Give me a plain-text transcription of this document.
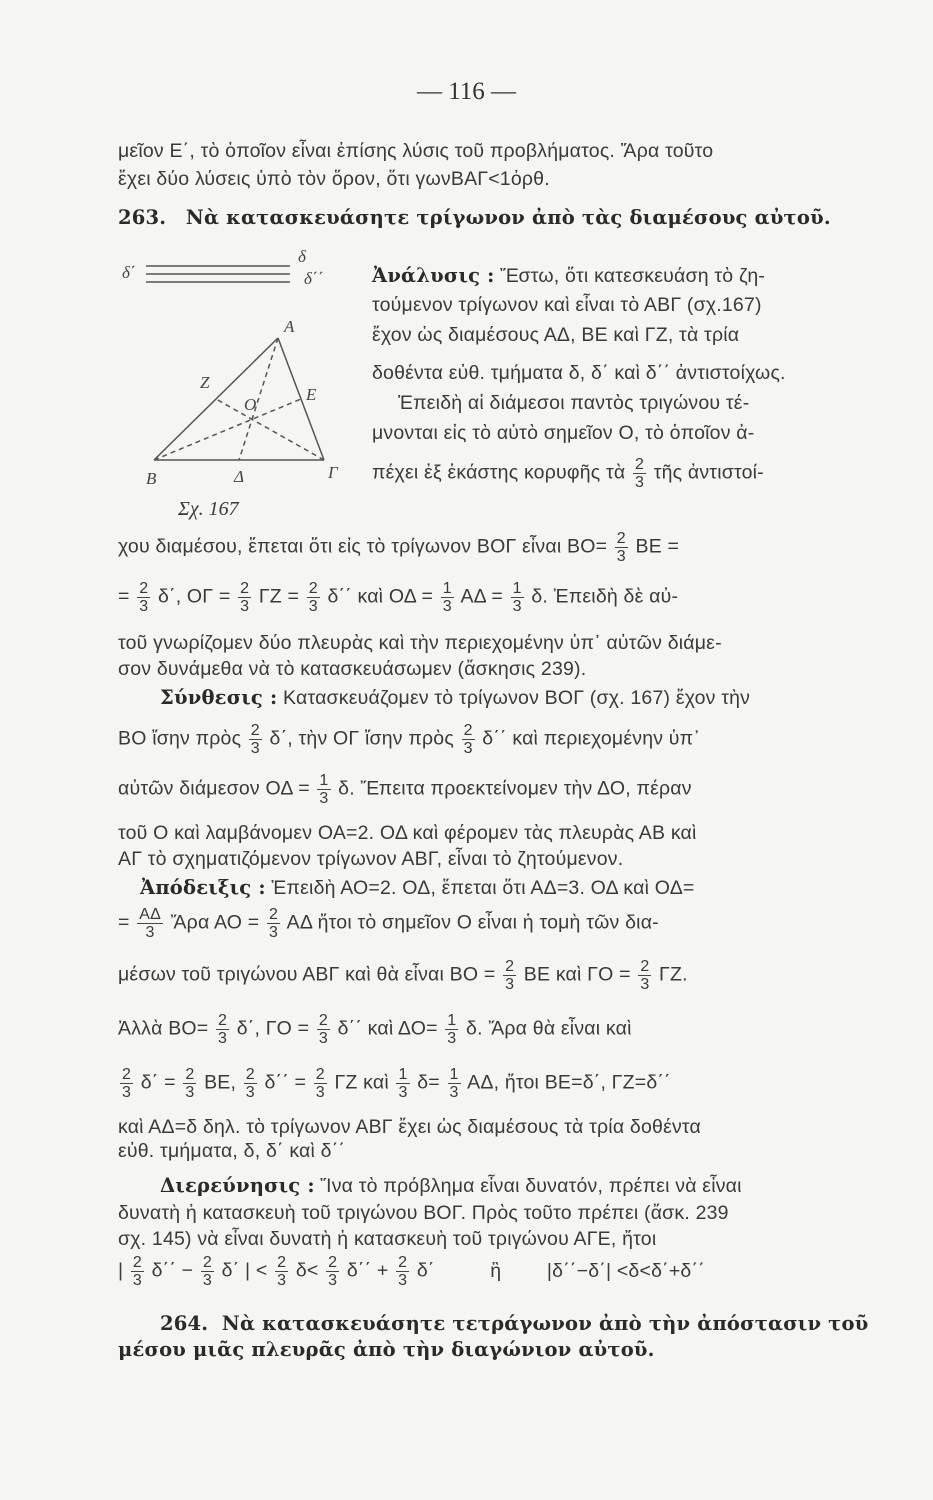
— 116 —
μεῖον Ε΄, τὸ ὁποῖον εἶναι ἐπίσης λύσις τοῦ προβλήματος. Ἄρα τοῦτο
ἔχει δύο λύσεις ὑπὸ τὸν ὅρον, ὅτι γωνΒΑΓ<1ὀρθ.
263. Νὰ κατασκευάσητε τρίγωνον ἀπὸ τὰς διαμέσους αὐτοῦ.
δ΄
δ
δ΄΄
Α
Β	Γ
Δ
Ε
Ζ
Ο
Σχ. 167
Ἀνάλυσις : Ἔστω, ὅτι κατεσκευάση τὸ ζη-
τούμενον τρίγωνον καὶ εἶναι τὸ ΑΒΓ (σχ.167)
ἔχον ὡς διαμέσους ΑΔ, ΒΕ καὶ ΓΖ, τὰ τρία
δοθέντα εὐθ. τμήματα δ, δ΄ καὶ δ΄΄ ἀντιστοίχως.
Ἐπειδὴ αἱ διάμεσοι παντὸς τριγώνου τέ-
μνονται εἰς τὸ αὐτὸ σημεῖον Ο, τὸ ὁποῖον ἀ-
πέχει ἐξ ἑκάστης κορυφῆς τὰ $\frac{2}{3}$ τῆς ἀντιστοί-
χου διαμέσου, ἕπεται ὅτι εἰς τὸ τρίγωνον ΒΟΓ εἶναι $BO= \frac{2}{3}$ ΒΕ =
= $\frac{2}{3} \delta΄$, $O\Gamma = \frac{2}{3}$ $\Gamma Z = \frac{2}{3} \delta΄΄$ καὶ $O\Delta = \frac{1}{3}$ $A\Delta = \frac{1}{3} \delta$. Ἐπειδὴ δὲ αὐ-
τοῦ γνωρίζομεν δύο πλευρὰς καὶ τὴν περιεχομένην ὑπ᾽ αὐτῶν διάμε-
σον δυνάμεθα νὰ τὸ κατασκευάσωμεν (ἄσκησις 239).
Σύνθεσις : Κατασκευάζομεν τὸ τρίγωνον ΒΟΓ (σχ. 167) ἔχον τὴν
ΒΟ ἴσην πρὸς $\frac{2}{3} \delta΄$, τὴν ΟΓ ἴσην πρὸς $\frac{2}{3} \delta΄΄$ καὶ περιεχομένην ὑπ᾽
αὐτῶν διάμεσον $O\Delta = \frac{1}{3} \delta$. Ἔπειτα προεκτείνομεν τὴν ΔΟ, πέραν
τοῦ Ο καὶ λαμβάνομεν ΟΑ=2. ΟΔ καὶ φέρομεν τὰς πλευρὰς ΑΒ καὶ
ΑΓ τὸ σχηματιζόμενον τρίγωνον ΑΒΓ, εἶναι τὸ ζητούμενον.
Ἀπόδειξις : Ἐπειδὴ ΑΟ=2. ΟΔ, ἕπεται ὅτι ΑΔ=3. ΟΔ καὶ ΟΔ=
= $\frac{A\Delta}{3}$ Ἄρα $AO = \frac{2}{3}$ ΑΔ ἤτοι τὸ σημεῖον Ο εἶναι ἡ τομὴ τῶν δια-
μέσων τοῦ τριγώνου ΑΒΓ καὶ θὰ εἶναι $BO = \frac{2}{3}$ ΒΕ καὶ $\Gamma O = \frac{2}{3} \Gamma Z$.
Ἀλλὰ $BO= \frac{2}{3} \delta΄$, $\Gamma O = \frac{2}{3} \delta΄΄$ καὶ $\Delta O= \frac{1}{3} \delta$. Ἄρα θὰ εἶναι καὶ
$\frac{2}{3} \delta΄ = \frac{2}{3} BE$, $\frac{2}{3} \delta΄΄ = \frac{2}{3}$ ΓΖ καὶ $\frac{1}{3} \delta= \frac{1}{3} A\Delta$, ἤτοι ΒΕ=δ΄, ΓΖ=δ΄΄
καὶ ΑΔ=δ δηλ. τὸ τρίγωνον ΑΒΓ ἔχει ὡς διαμέσους τὰ τρία δοθέντα
εὐθ. τμήματα, δ, δ΄ καὶ δ΄΄
Διερεύνησις : Ἵνα τὸ πρόβλημα εἶναι δυνατόν, πρέπει νὰ εἶναι
δυνατὴ ἡ κατασκευὴ τοῦ τριγώνου ΒΟΓ. Πρὸς τοῦτο πρέπει (ἄσκ. 239
σχ. 145) νὰ εἶναι δυνατὴ ἡ κατασκευὴ τοῦ τριγώνου ΑΓΕ, ἤτοι
| $\frac{2}{3} \delta΄΄ - \frac{2}{3} \delta΄$ | < $\frac{2}{3} \delta< \frac{2}{3} \delta΄΄ + \frac{2}{3} \delta΄$	ἢ |δ΄΄−δ΄| <δ<δ΄+δ΄΄
264. Νὰ κατασκευάσητε τετράγωνον ἀπὸ τὴν ἀπόστασιν τοῦ
μέσου μιᾶς πλευρᾶς ἀπὸ τὴν διαγώνιον αὐτοῦ.
